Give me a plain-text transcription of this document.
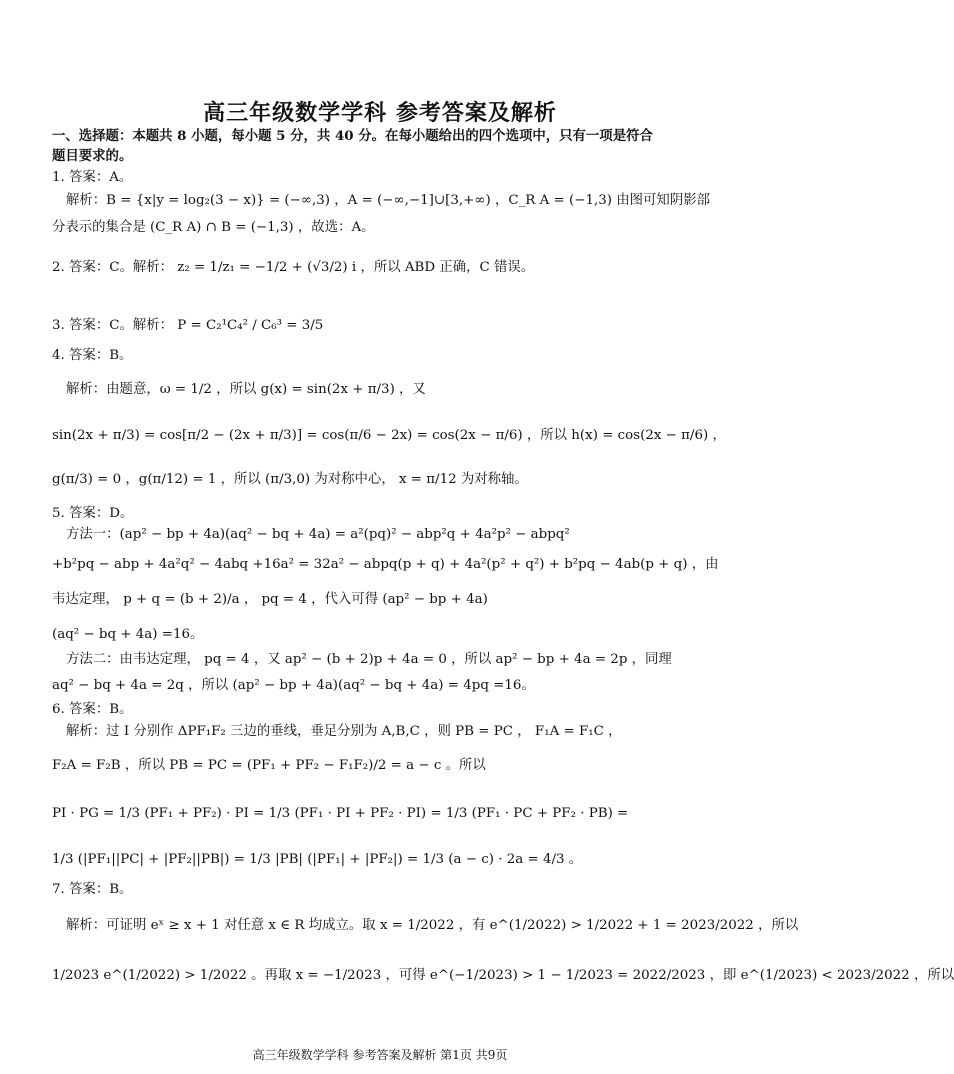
高三年级数学学科 参考答案及解析
一、选择题：本题共 8 小题，每小题 5 分，共 40 分。在每小题给出的四个选项中，只有一项是符合
题目要求的。
1. 答案：A。
解析：B = {x|y = log₂(3 − x)} = (−∞,3) ，A = (−∞,−1]∪[3,+∞) ，C_R A = (−1,3) 由图可知阴影部
分表示的集合是 (C_R A) ∩ B = (−1,3) ，故选：A。
2. 答案：C。解析： z₂ = 1/z₁ = −1/2 + (√3/2) i ，所以 ABD 正确，C 错误。
3. 答案：C。解析： P = C₂¹C₄² / C₆³ = 3/5
4. 答案：B。
解析：由题意，ω = 1/2 ，所以 g(x) = sin(2x + π/3) ，又
sin(2x + π/3) = cos[π/2 − (2x + π/3)] = cos(π/6 − 2x) = cos(2x − π/6) ，所以 h(x) = cos(2x − π/6) ，
g(π/3) = 0 ，g(π/12) = 1 ，所以 (π/3,0) 为对称中心， x = π/12 为对称轴。
5. 答案：D。
方法一：(ap² − bp + 4a)(aq² − bq + 4a) = a²(pq)² − abp²q + 4a²p² − abpq²
+b²pq − abp + 4a²q² − 4abq +16a² = 32a² − abpq(p + q) + 4a²(p² + q²) + b²pq − 4ab(p + q) ，由
韦达定理， p + q = (b + 2)/a ， pq = 4 ，代入可得 (ap² − bp + 4a)
(aq² − bq + 4a) =16。
方法二：由韦达定理， pq = 4 ，又 ap² − (b + 2)p + 4a = 0 ，所以 ap² − bp + 4a = 2p ，同理
aq² − bq + 4a = 2q ，所以 (ap² − bp + 4a)(aq² − bq + 4a) = 4pq =16。
6. 答案：B。
解析：过 I 分别作 ΔPF₁F₂ 三边的垂线，垂足分别为 A,B,C ，则 PB = PC ， F₁A = F₁C ，
F₂A = F₂B ，所以 PB = PC = (PF₁ + PF₂ − F₁F₂)/2 = a − c 。所以
PI · PG = 1/3 (PF₁ + PF₂) · PI = 1/3 (PF₁ · PI + PF₂ · PI) = 1/3 (PF₁ · PC + PF₂ · PB) =
1/3 (|PF₁||PC| + |PF₂||PB|) = 1/3 |PB| (|PF₁| + |PF₂|) = 1/3 (a − c) · 2a = 4/3 。
7. 答案：B。
解析：可证明 eˣ ≥ x + 1 对任意 x ∈ R 均成立。取 x = 1/2022 ，有 e^(1/2022) > 1/2022 + 1 = 2023/2022 ，所以
1/2023 e^(1/2022) > 1/2022 。再取 x = −1/2023 ，可得 e^(−1/2023) > 1 − 1/2023 = 2022/2023 ，即 e^(1/2023) < 2023/2022 ，所以
高三年级数学学科 参考答案及解析 第1页 共9页
